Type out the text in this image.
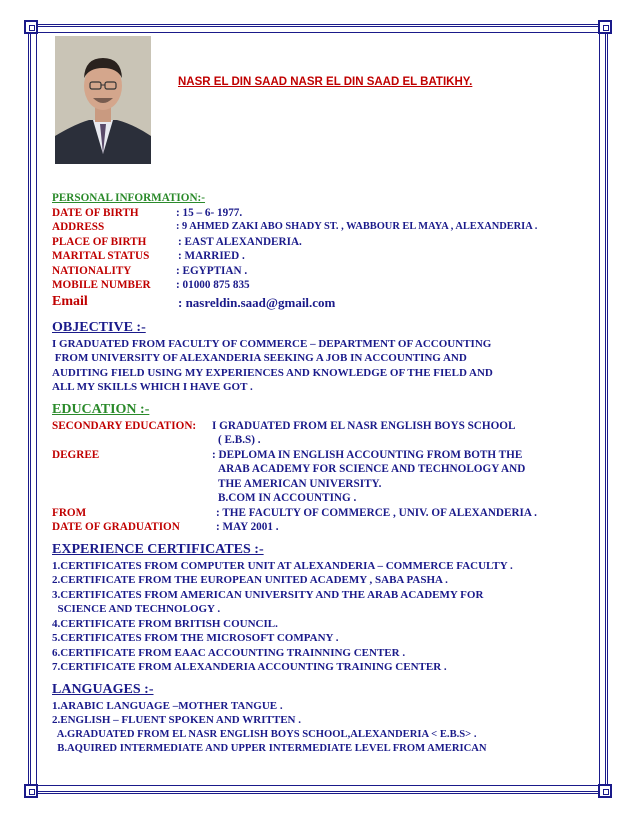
NASR EL DIN SAAD NASR EL DIN SAAD EL BATIKHY.
PERSONAL INFORMATION:-
DATE OF BIRTH	: 15 – 6- 1977.
ADDRESS	: 9 AHMED ZAKI ABO SHADY ST. , WABBOUR EL MAYA , ALEXANDERIA .
PLACE OF BIRTH	: EAST ALEXANDERIA.
MARITAL STATUS	: MARRIED .
NATIONALITY	: EGYPTIAN .
MOBILE NUMBER : 01000 875 835
Email	: nasreldin.saad@gmail.com
OBJECTIVE :-
I GRADUATED FROM FACULTY OF COMMERCE – DEPARTMENT OF ACCOUNTING
FROM UNIVERSITY OF ALEXANDERIA SEEKING A JOB IN ACCOUNTING AND
AUDITING FIELD USING MY EXPERIENCES AND KNOWLEDGE OF THE FIELD AND
ALL MY SKILLS WHICH I HAVE GOT .
EDUCATION :-
SECONDARY EDUCATION: I GRADUATED FROM EL NASR ENGLISH BOYS SCHOOL
( E.B.S) .
DEGREE	: DEPLOMA IN ENGLISH ACCOUNTING FROM BOTH THE
ARAB ACADEMY FOR SCIENCE AND TECHNOLOGY AND
THE AMERICAN UNIVERSITY.
B.COM IN ACCOUNTING .
FROM	: THE FACULTY OF COMMERCE , UNIV. OF ALEXANDERIA .
DATE OF GRADUATION	: MAY 2001 .
EXPERIENCE CERTIFICATES :-
1.CERTIFICATES FROM COMPUTER UNIT AT ALEXANDERIA – COMMERCE FACULTY .
2.CERTIFICATE FROM THE EUROPEAN UNITED ACADEMY , SABA PASHA .
3.CERTIFICATES FROM AMERICAN UNIVERSITY AND THE ARAB ACADEMY FOR
SCIENCE AND TECHNOLOGY .
4.CERTIFICATE FROM BRITISH COUNCIL.
5.CERTIFICATES FROM THE MICROSOFT COMPANY .
6.CERTIFICATE FROM EAAC ACCOUNTING TRAINNING CENTER .
7.CERTIFICATE FROM ALEXANDERIA ACCOUNTING TRAINING CENTER .
LANGUAGES :-
1.ARABIC LANGUAGE –MOTHER TANGUE .
2.ENGLISH – FLUENT SPOKEN AND WRITTEN .
A.GRADUATED FROM EL NASR ENGLISH BOYS SCHOOL,ALEXANDERIA < E.B.S> .
B.AQUIRED INTERMEDIATE AND UPPER INTERMEDIATE LEVEL FROM AMERICAN
